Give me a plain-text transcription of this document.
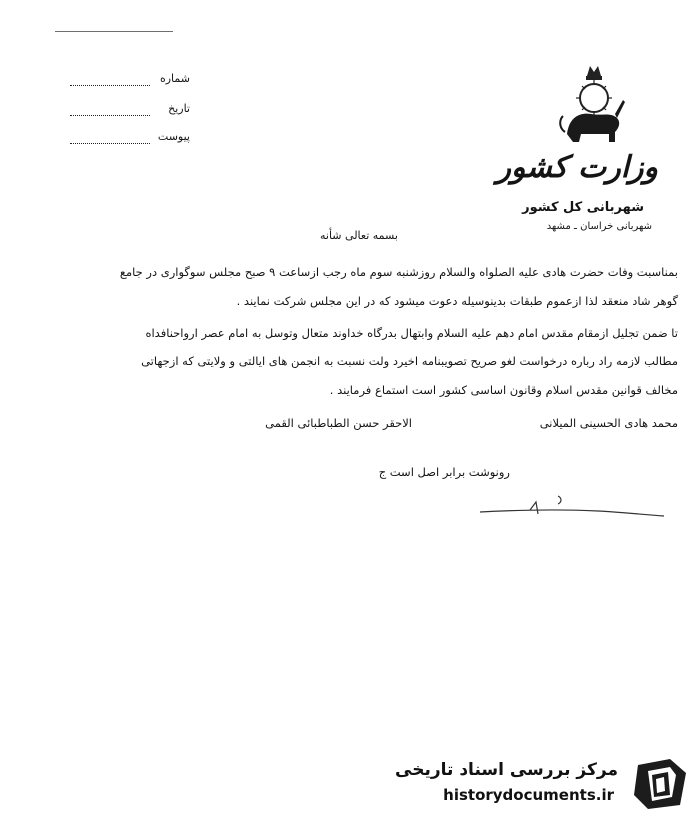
شماره
تاریخ
پیوست
وزارت کشور
شهربانی کل کشور
شهربانی خراسان ـ مشهد
بسمه تعالی شأنه
بمناسبت وفات حضرت هادی علیه الصلواه والسلام روزشنبه سوم ماه رجب ازساعت ۹ صبح مجلس سوگواری در جامع
گوهر شاد منعقد لذا ازعموم طبقات بدینوسیله دعوت میشود که در این مجلس شرکت نمایند .
تا ضمن تجلیل ازمقام مقدس امام دهم علیه السلام وابتهال بدرگاه خداوند متعال وتوسل به امام عصر ارواحنافداه
مطالب لازمه راد رباره درخواست لغو صریح تصویبنامه اخیرد ولت نسبت به انجمن های ایالتی و ولایتی که ازجهاتی
مخالف قوانین مقدس اسلام وقانون اساسی کشور است استماع فرمایند .
محمد هادی الحسینی المیلانی
الاحقر حسن الطباطبائی القمی
رونوشت برابر اصل است ج
مرکز بررسی اسناد تاریخی
historydocuments.ir
